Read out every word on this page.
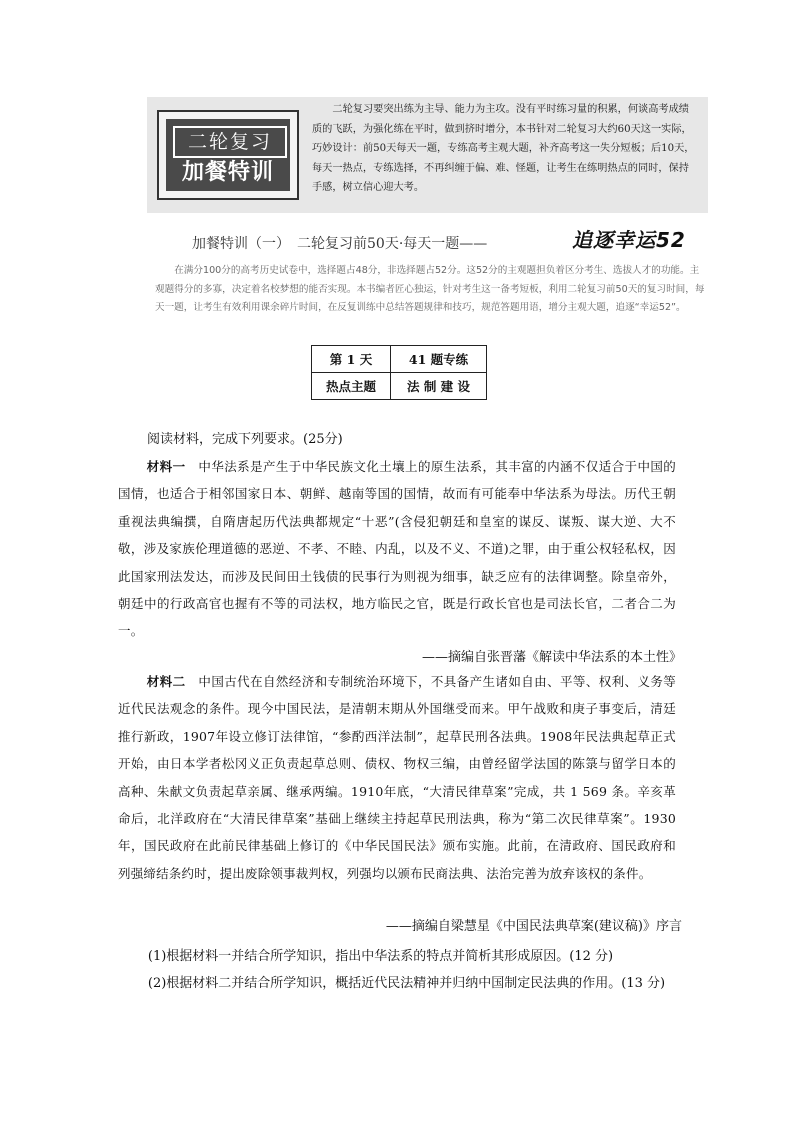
二轮复习
加餐特训

二轮复习要突出练为主导、能力为主攻。没有平时练习量的积累，何谈高考成绩质的飞跃，为强化练在平时，做到挤时增分，本书针对二轮复习大约60天这一实际，巧妙设计：前50天每天一题，专练高考主观大题，补齐高考这一失分短板；后10天，每天一热点，专练选择，不再纠缠于偏、难、怪题，让考生在练明热点的同时，保持手感，树立信心迎大考。

加餐特训（一）　二轮复习前50天·每天一题——	追逐幸运52

在满分100分的高考历史试卷中，选择题占48分，非选择题占52分。这52分的主观题担负着区分考生、选拔人才的功能。主观题得分的多寡，决定着名校梦想的能否实现。本书编者匠心独运，针对考生这一备考短板，利用二轮复习前50天的复习时间，每天一题，让考生有效利用课余碎片时间，在反复训练中总结答题规律和技巧，规范答题用语，增分主观大题，追逐“幸运52”。

第 1 天	41 题专练
热点主题	法 制 建 设
阅读材料，完成下列要求。(25分)

材料一　中华法系是产生于中华民族文化土壤上的原生法系，其丰富的内涵不仅适合于中国的国情，也适合于相邻国家日本、朝鲜、越南等国的国情，故而有可能奉中华法系为母法。历代王朝重视法典编撰，自隋唐起历代法典都规定“十恶”(含侵犯朝廷和皇室的谋反、谋叛、谋大逆、大不敬，涉及家族伦理道德的恶逆、不孝、不睦、内乱，以及不义、不道)之罪，由于重公权轻私权，因此国家刑法发达，而涉及民间田土钱债的民事行为则视为细事，缺乏应有的法律调整。除皇帝外，朝廷中的行政高官也握有不等的司法权，地方临民之官，既是行政长官也是司法长官，二者合二为一。

——摘编自张晋藩《解读中华法系的本土性》

材料二　中国古代在自然经济和专制统治环境下，不具备产生诸如自由、平等、权利、义务等近代民法观念的条件。现今中国民法，是清朝末期从外国继受而来。甲午战败和庚子事变后，清廷推行新政，1907年设立修订法律馆，“参酌西洋法制”，起草民刑各法典。1908年民法典起草正式开始，由日本学者松冈义正负责起草总则、债权、物权三编，由曾经留学法国的陈箓与留学日本的高种、朱献文负责起草亲属、继承两编。1910年底，“大清民律草案”完成，共 1 569 条。辛亥革命后，北洋政府在“大清民律草案”基础上继续主持起草民刑法典，称为“第二次民律草案”。1930 年，国民政府在此前民律基础上修订的《中华民国民法》颁布实施。此前，在清政府、国民政府和列强缔结条约时，提出废除领事裁判权，列强均以颁布民商法典、法治完善为放弃该权的条件。

——摘编自梁慧星《中国民法典草案(建议稿)》序言

(1)根据材料一并结合所学知识，指出中华法系的特点并简析其形成原因。(12 分)

(2)根据材料二并结合所学知识，概括近代民法精神并归纳中国制定民法典的作用。(13 分)
